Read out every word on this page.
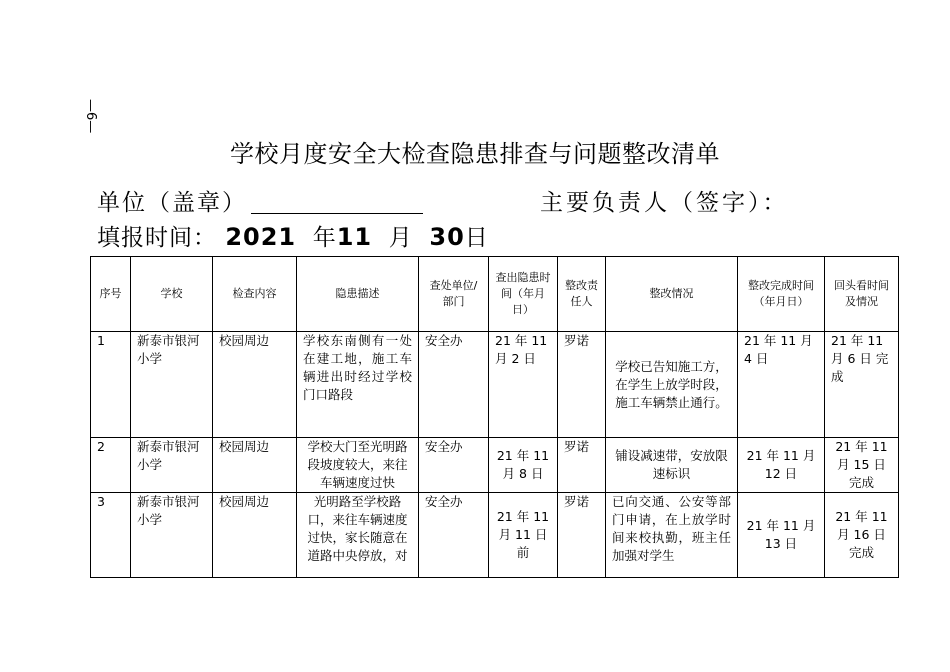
—6—
学校月度安全大检查隐患排查与问题整改清单
单位（盖章）	主要负责人（签字）：
填报时间： 2021 年11 月 30日
序号	学校	检查内容	隐患描述	查处单位/部门	查出隐患时间（年月日）	整改责任人	整改情况	整改完成时间（年月日）	回头看时间及情况
1	新泰市银河小学	校园周边	学校东南侧有一处在建工地，施工车辆进出时经过学校门口路段	安全办	21 年 11 月 2 日	罗诺	学校已告知施工方，在学生上放学时段，施工车辆禁止通行。	21 年 11 月 4 日	21 年 11 月 6 日 完成
2	新泰市银河小学	校园周边	学校大门至光明路段坡度较大，来往车辆速度过快	安全办	21 年 11 月 8 日	罗诺	铺设减速带，安放限速标识	21 年 11 月 12 日	21 年 11 月 15 日 完成
3	新泰市银河小学	校园周边	光明路至学校路口，来往车辆速度过快，家长随意在道路中央停放，对	安全办	21 年 11 月 11 日 前	罗诺	已向交通、公安等部门申请，在上放学时间来校执勤，班主任加强对学生	21 年 11 月 13 日	21 年 11 月 16 日 完成
